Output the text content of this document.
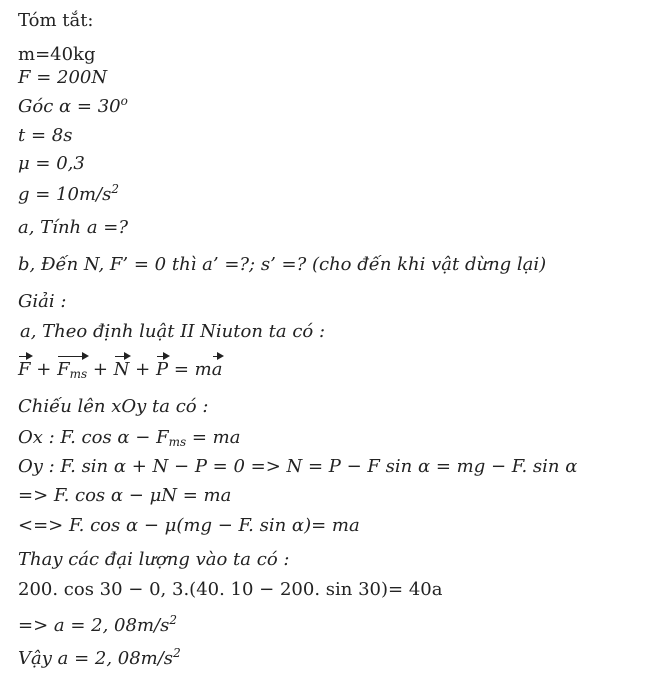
Tóm tắt:
m=40kg
F = 200N
Góc $\alpha = 30^o$
t = 8s
μ = 0,3
$g = 10m/s^2$
a, Tính a =?
b, Đến N, F’ = 0 thì a’ =?; s’ =? (cho đến khi vật dừng lại)
Giải :
a, Theo định luật II Niuton ta có :
$F + F_{ms} + N + P$ = ma
Chiếu lên xOy ta có :
Ox : F. $\cos \alpha - F_{ms}$ = ma
Oy : F. sin α + N − P = 0 => N = P − F sin α = mg − F. sin α
=> F. cos α − μN = ma
<=> F. cos α − μ(mg − F. sin α)= ma
Thay các đại lượng vào ta có :
200. cos 30 − 0, 3.(40. 10 − 200. sin 30)= 40a
=> a = 2, $08m/s^2$
Vậy a = 2, $08m/s^2$
